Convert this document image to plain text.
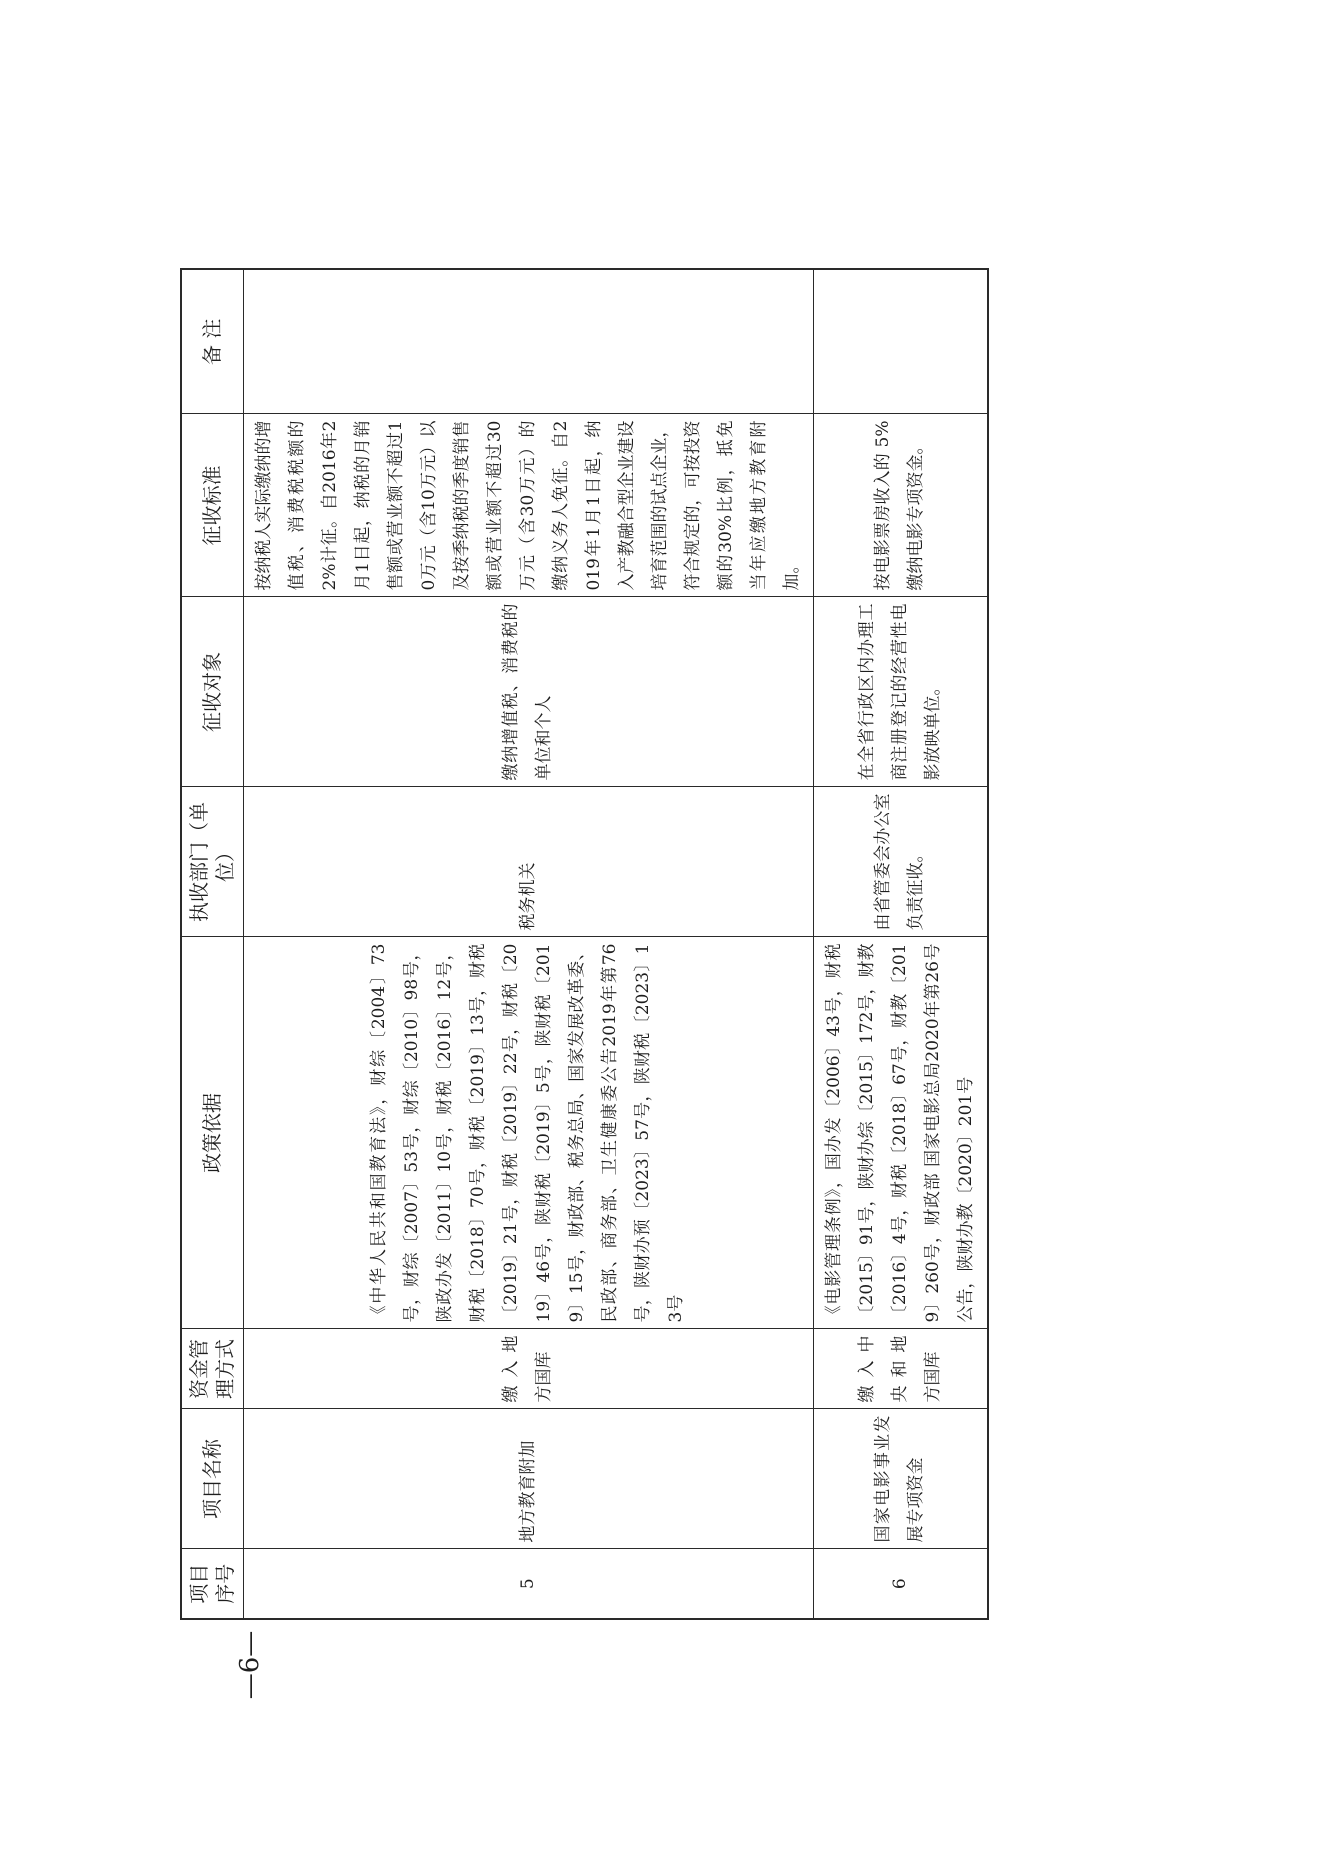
项目序号	项目名称	资金管理方式	政策依据	执收部门（单位）	征收对象	征收标准	备 注
5	地方教育附加	缴入地方国库	《中华人民共和国教育法》，财综〔2004〕73号，财综〔2007〕53号，财综〔2010〕98号，陕政办发〔2011〕10号，财税〔2016〕12号，财税〔2018〕70号，财税〔2019〕13号，财税〔2019〕21号，财税〔2019〕22号，财税〔2019〕46号，陕财税〔2019〕5号，陕财税〔2019〕15号，财政部、税务总局、国家发展改革委、民政部、商务部、卫生健康委公告2019年第76号，陕财办预〔2023〕57号，陕财税〔2023〕13号	税务机关	缴纳增值税、消费税的单位和个人	按纳税人实际缴纳的增值税、消费税税额的2%计征。自2016年2月1日起，纳税的月销售额或营业额不超过10万元（含10万元）以及按季纳税的季度销售额或营业额不超过30万元（含30万元）的缴纳义务人免征。自2019年1月1日起，纳入产教融合型企业建设培育范围的试点企业，符合规定的，可按投资额的30%比例，抵免当年应缴地方教育附加。	
6	国家电影事业发展专项资金	缴入中央和地方国库	《电影管理条例》，国办发〔2006〕43号，财税〔2015〕91号，陕财办综〔2015〕172号，财教〔2016〕4号，财税〔2018〕67号，财教〔2019〕260号，财政部 国家电影总局2020年第26号公告，陕财办教〔2020〕201号	由省管委会办公室负责征收。	在全省行政区内办理工商注册登记的经营性电影放映单位。	按电影票房收入的 5%缴纳电影专项资金。	
—6—
